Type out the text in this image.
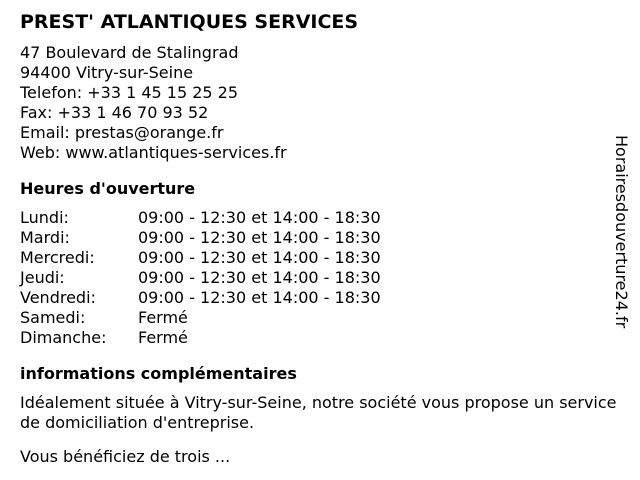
PREST' ATLANTIQUES SERVICES
47 Boulevard de Stalingrad
94400 Vitry-sur-Seine
Telefon: +33 1 45 15 25 25
Fax: +33 1 46 70 93 52
Email: prestas@orange.fr
Web: www.atlantiques-services.fr
Heures d'ouverture
Lundi:	09:00 - 12:30 et 14:00 - 18:30
Mardi:	09:00 - 12:30 et 14:00 - 18:30
Mercredi:	09:00 - 12:30 et 14:00 - 18:30
Jeudi:	09:00 - 12:30 et 14:00 - 18:30
Vendredi:	09:00 - 12:30 et 14:00 - 18:30
Samedi:	Fermé
Dimanche: Fermé
informations complémentaires

Idéalement située à Vitry-sur-Seine, notre société vous propose un service de domiciliation d'entreprise.

Vous bénéficiez de trois ...

Horairesdouverture24.fr
